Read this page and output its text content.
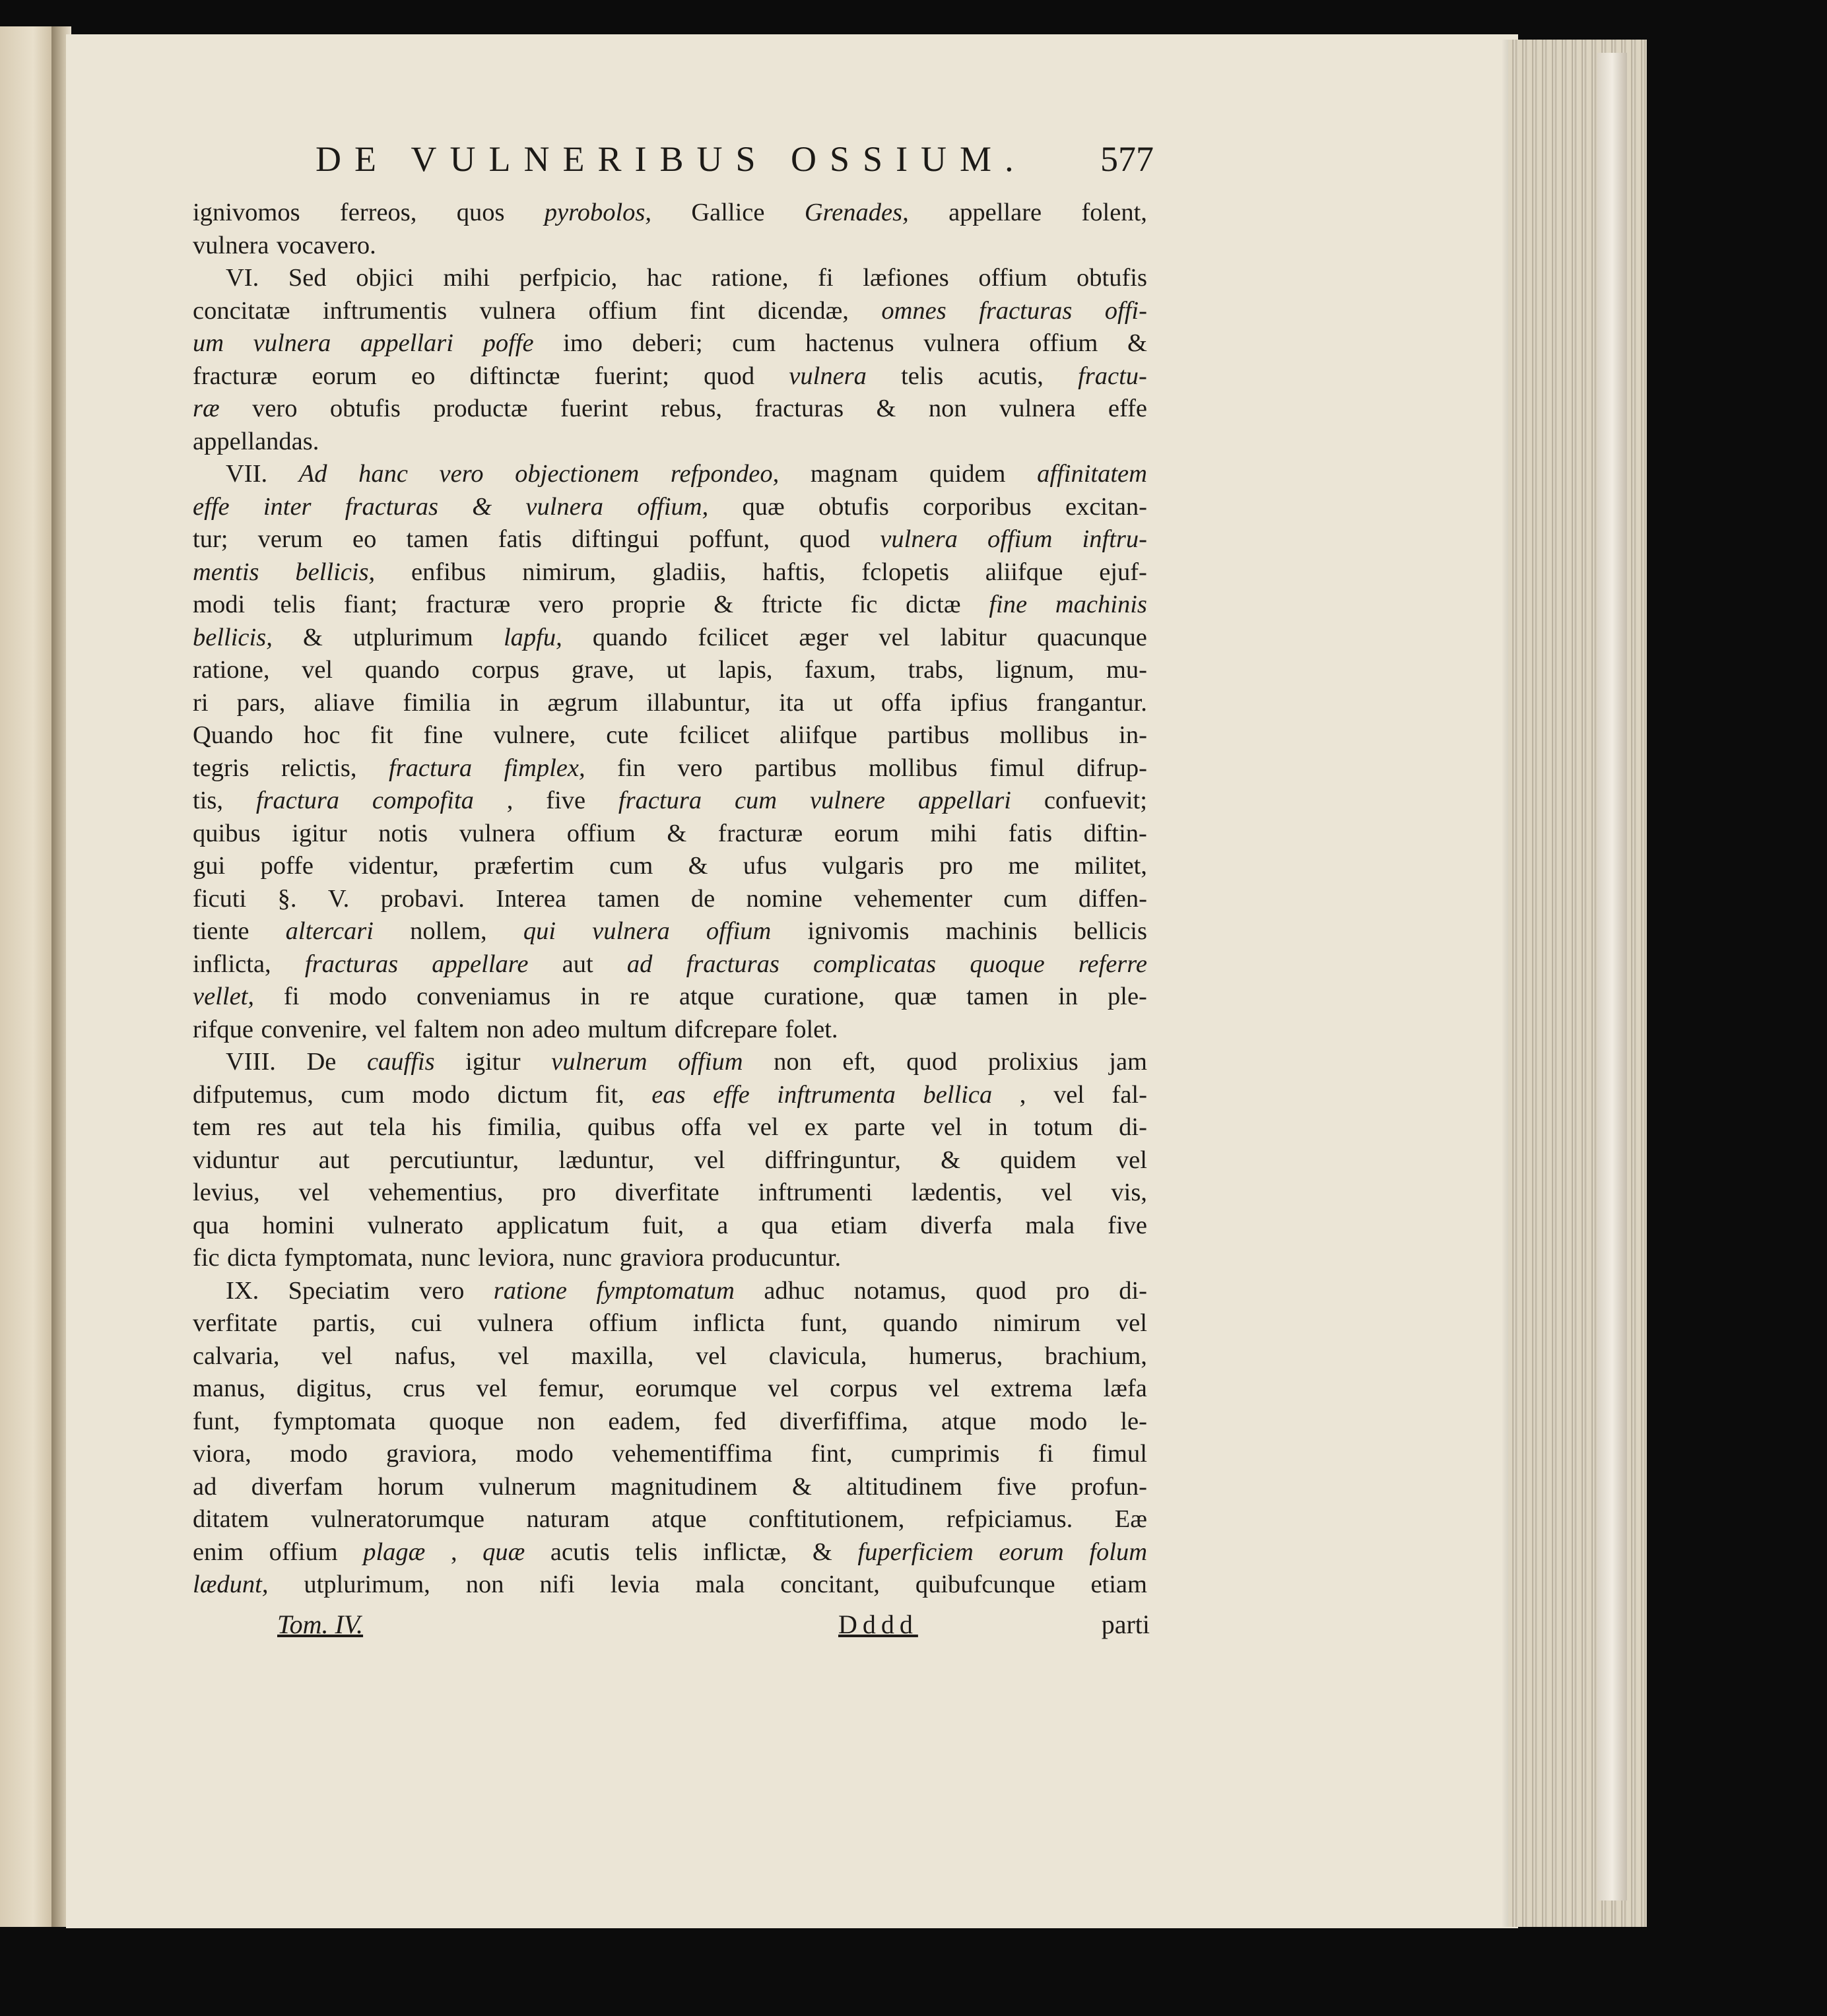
DE VULNERIBUS OSSIUM. 577
ignivomos ferreos, quos pyrobolos, Gallice Grenades, appellare folent,
vulnera vocavero.
VI. Sed objici mihi perfpicio, hac ratione, fi læfiones offium obtufis
concitatæ inftrumentis vulnera offium fint dicendæ, omnes fracturas offi-
um vulnera appellari poffe imo deberi; cum hactenus vulnera offium &
fracturæ eorum eo diftinctæ fuerint; quod vulnera telis acutis, fractu-
ræ vero obtufis productæ fuerint rebus, fracturas & non vulnera effe
appellandas.
VII. Ad hanc vero objectionem refpondeo, magnam quidem affinitatem
effe inter fracturas & vulnera offium, quæ obtufis corporibus excitan-
tur; verum eo tamen fatis diftingui poffunt, quod vulnera offium inftru-
mentis bellicis, enfibus nimirum, gladiis, haftis, fclopetis aliifque ejuf-
modi telis fiant; fracturæ vero proprie & ftricte fic dictæ fine machinis
bellicis, & utplurimum lapfu, quando fcilicet æger vel labitur quacunque
ratione, vel quando corpus grave, ut lapis, faxum, trabs, lignum, mu-
ri pars, aliave fimilia in ægrum illabuntur, ita ut offa ipfius frangantur.
Quando hoc fit fine vulnere, cute fcilicet aliifque partibus mollibus in-
tegris relictis, fractura fimplex, fin vero partibus mollibus fimul difrup-
tis, fractura compofita , five fractura cum vulnere appellari confuevit;
quibus igitur notis vulnera offium & fracturæ eorum mihi fatis diftin-
gui poffe videntur, præfertim cum & ufus vulgaris pro me militet,
ficuti §. V. probavi. Interea tamen de nomine vehementer cum diffen-
tiente altercari nollem, qui vulnera offium ignivomis machinis bellicis
inflicta, fracturas appellare aut ad fracturas complicatas quoque referre
vellet, fi modo conveniamus in re atque curatione, quæ tamen in ple-
rifque convenire, vel faltem non adeo multum difcrepare folet.
VIII. De cauffis igitur vulnerum offium non eft, quod prolixius jam
difputemus, cum modo dictum fit, eas effe inftrumenta bellica , vel fal-
tem res aut tela his fimilia, quibus offa vel ex parte vel in totum di-
viduntur aut percutiuntur, læduntur, vel diffringuntur, & quidem vel
levius, vel vehementius, pro diverfitate inftrumenti lædentis, vel vis,
qua homini vulnerato applicatum fuit, a qua etiam diverfa mala five
fic dicta fymptomata, nunc leviora, nunc graviora producuntur.
IX. Speciatim vero ratione fymptomatum adhuc notamus, quod pro di-
verfitate partis, cui vulnera offium inflicta funt, quando nimirum vel
calvaria, vel nafus, vel maxilla, vel clavicula, humerus, brachium,
manus, digitus, crus vel femur, eorumque vel corpus vel extrema læfa
funt, fymptomata quoque non eadem, fed diverfiffima, atque modo le-
viora, modo graviora, modo vehementiffima fint, cumprimis fi fimul
ad diverfam horum vulnerum magnitudinem & altitudinem five profun-
ditatem vulneratorumque naturam atque conftitutionem, refpiciamus. Eæ
enim offium plagæ , quæ acutis telis inflictæ, & fuperficiem eorum folum
lædunt, utplurimum, non nifi levia mala concitant, quibufcunque etiam
Tom. IV.	Dddd	parti
